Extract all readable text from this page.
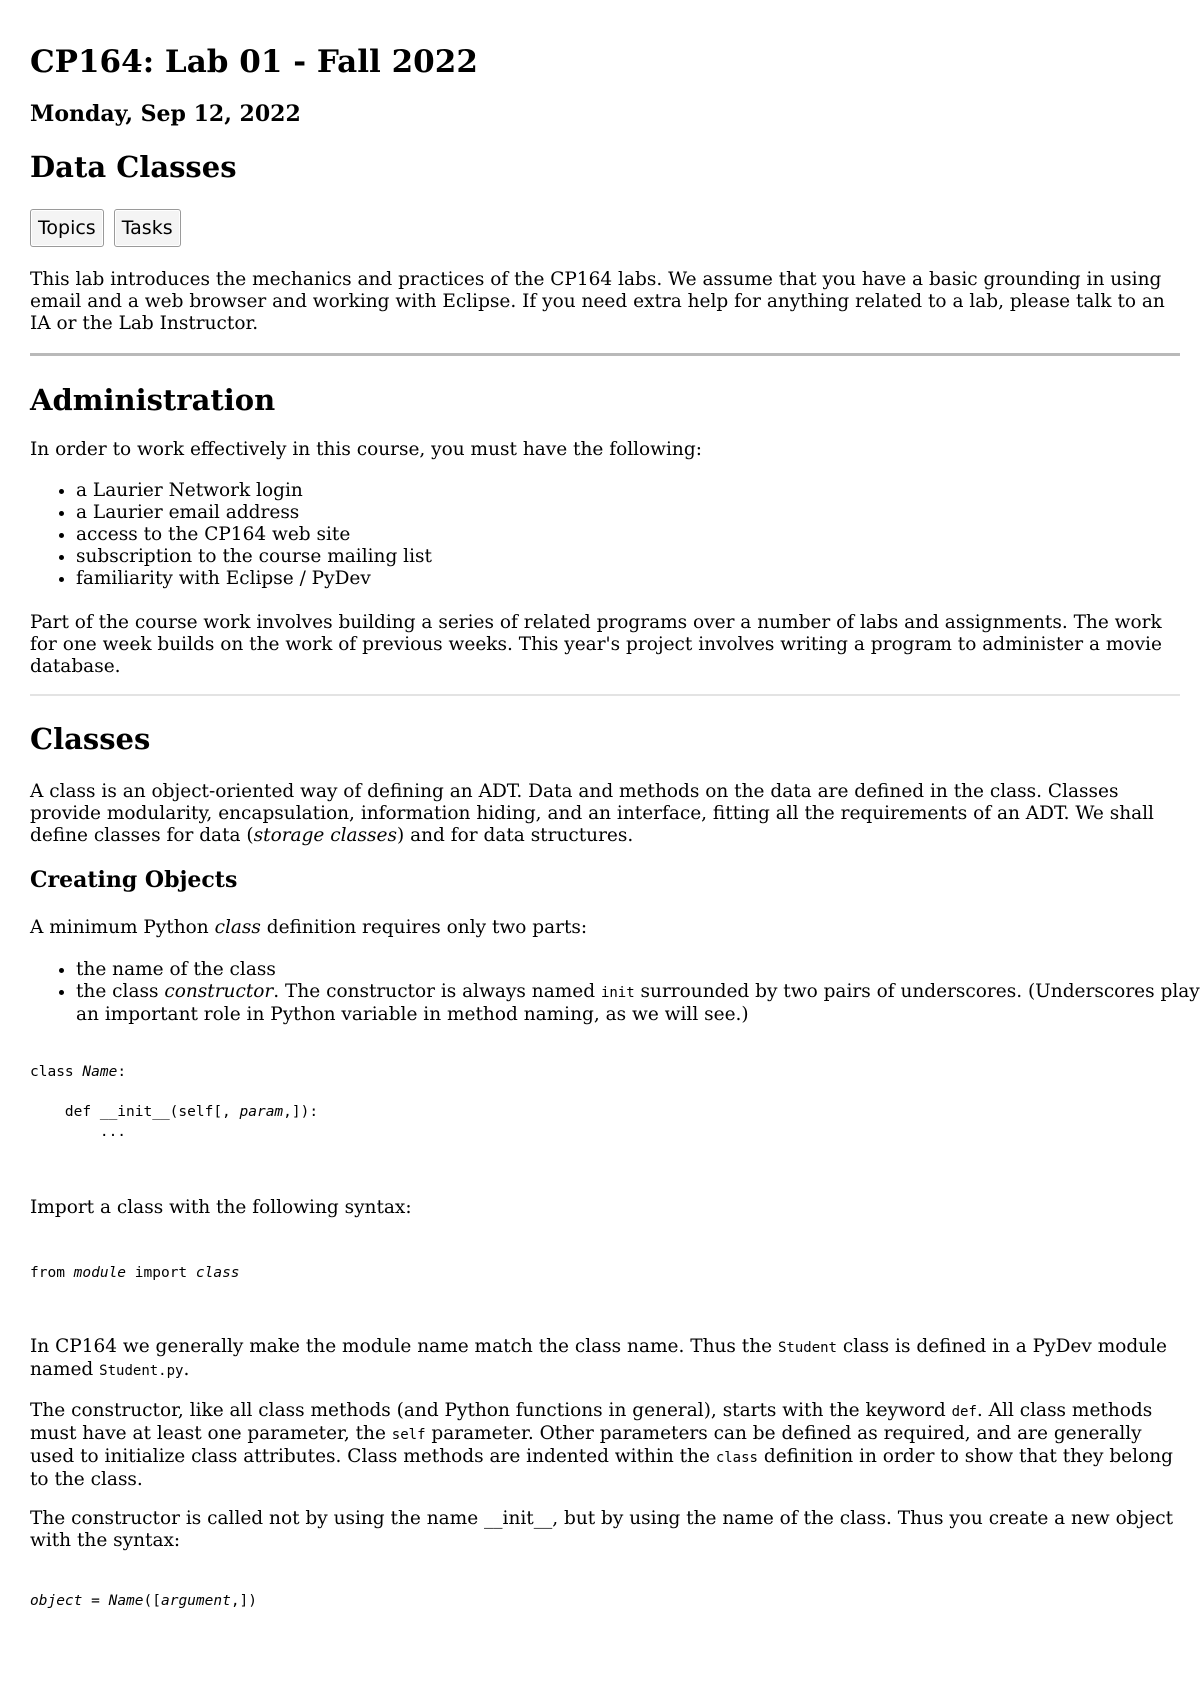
CP164: Lab 01 - Fall 2022
Monday, Sep 12, 2022
Data Classes
Topics	Tasks

This lab introduces the mechanics and practices of the CP164 labs. We assume that you have a basic grounding in using email and a web browser and working with Eclipse. If you need extra help for anything related to a lab, please talk to an IA or the Lab Instructor.

Administration

In order to work effectively in this course, you must have the following:

• a Laurier Network login
• a Laurier email address
• access to the CP164 web site
• subscription to the course mailing list
• familiarity with Eclipse / PyDev

Part of the course work involves building a series of related programs over a number of labs and assignments. The work for one week builds on the work of previous weeks. This year's project involves writing a program to administer a movie database.

Classes

A class is an object-oriented way of defining an ADT. Data and methods on the data are defined in the class. Classes provide modularity, encapsulation, information hiding, and an interface, fitting all the requirements of an ADT. We shall define classes for data (storage classes) and for data structures.

Creating Objects

A minimum Python class definition requires only two parts:

• the name of the class
• the class constructor. The constructor is always named init surrounded by two pairs of underscores. (Underscores play an important role in Python variable in method naming, as we will see.)
class Name:

def __init__(self[, param,]):
...

Import a class with the following syntax:

from module import class

In CP164 we generally make the module name match the class name. Thus the Student class is defined in a PyDev module named Student.py.

The constructor, like all class methods (and Python functions in general), starts with the keyword def. All class methods must have at least one parameter, the self parameter. Other parameters can be defined as required, and are generally used to initialize class attributes. Class methods are indented within the class definition in order to show that they belong to the class.

The constructor is called not by using the name __init__, but by using the name of the class. Thus you create a new object with the syntax:

object = Name([argument,])
